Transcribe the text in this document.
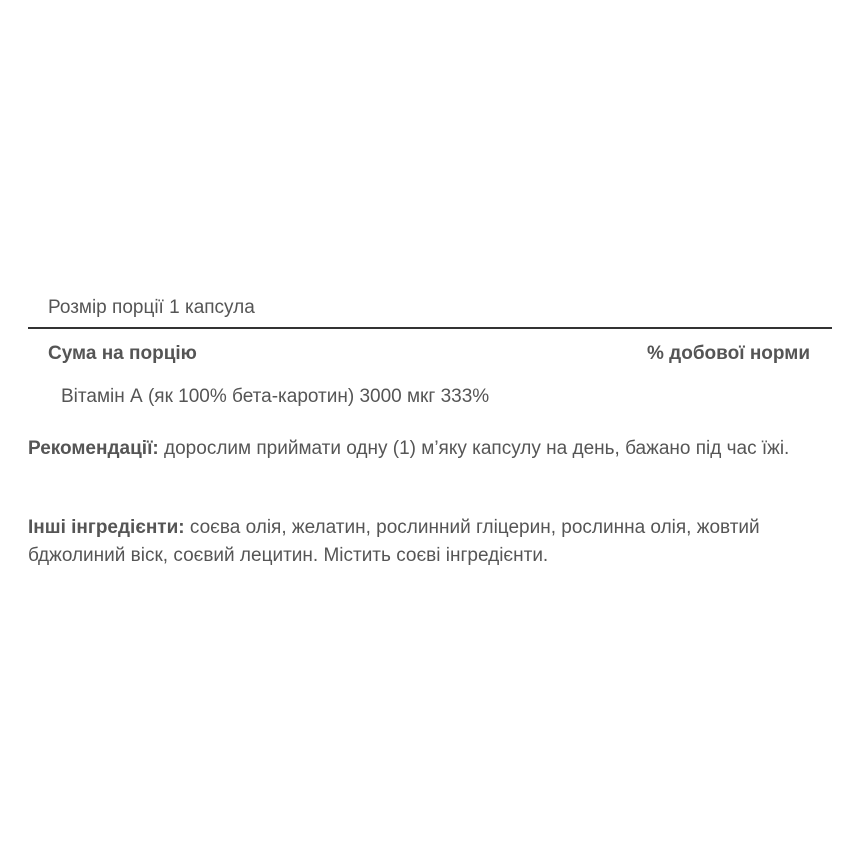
Розмір порції 1 капсула
Сума на порцію	% добової норми
Вітамін А (як 100% бета-каротин) 3000 мкг 333%
Рекомендації: дорослим приймати одну (1) м’яку капсулу на день, бажано під час їжі.
Інші інгредієнти: соєва олія, желатин, рослинний гліцерин, рослинна олія, жовтий бджолиний віск, соєвий лецитин. Містить соєві інгредієнти.
